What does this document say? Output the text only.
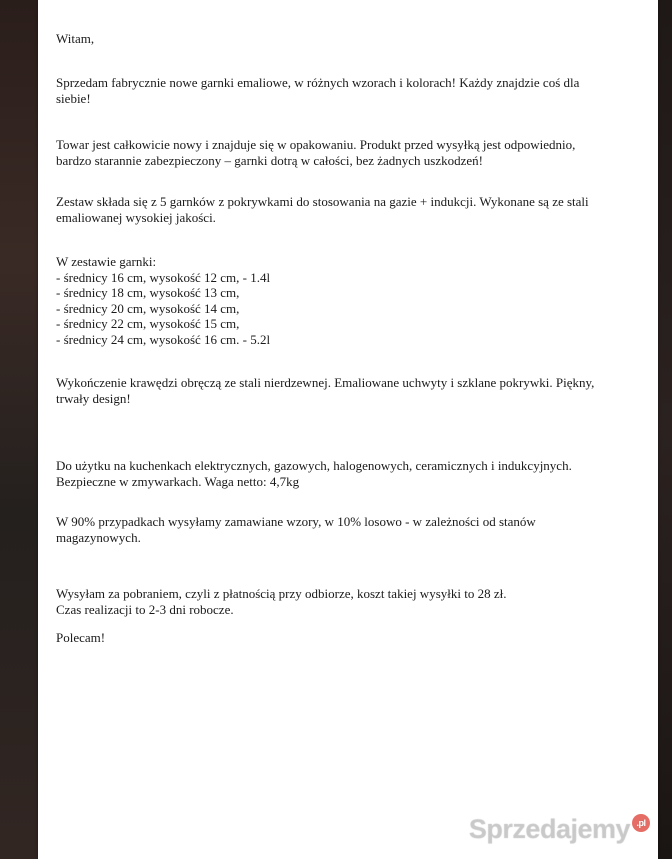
Witam,

Sprzedam fabrycznie nowe garnki emaliowe, w różnych wzorach i kolorach! Każdy znajdzie coś dla
siebie!

Towar jest całkowicie nowy i znajduje się w opakowaniu. Produkt przed wysyłką jest odpowiednio,
bardzo starannie zabezpieczony – garnki dotrą w całości, bez żadnych uszkodzeń!

Zestaw składa się z 5 garnków z pokrywkami do stosowania na gazie + indukcji. Wykonane są ze stali
emaliowanej wysokiej jakości.

W zestawie garnki:
- średnicy 16 cm, wysokość 12 cm, - 1.4l
- średnicy 18 cm, wysokość 13 cm,
- średnicy 20 cm, wysokość 14 cm,
- średnicy 22 cm, wysokość 15 cm,
- średnicy 24 cm, wysokość 16 cm. - 5.2l

Wykończenie krawędzi obręczą ze stali nierdzewnej. Emaliowane uchwyty i szklane pokrywki. Piękny,
trwały design!

Do użytku na kuchenkach elektrycznych, gazowych, halogenowych, ceramicznych i indukcyjnych.
Bezpieczne w zmywarkach. Waga netto: 4,7kg

W 90% przypadkach wysyłamy zamawiane wzory, w 10% losowo - w zależności od stanów
magazynowych.

Wysyłam za pobraniem, czyli z płatnością przy odbiorze, koszt takiej wysyłki to 28 zł.
Czas realizacji to 2-3 dni robocze.

Polecam!

Sprzedajemy .pl
